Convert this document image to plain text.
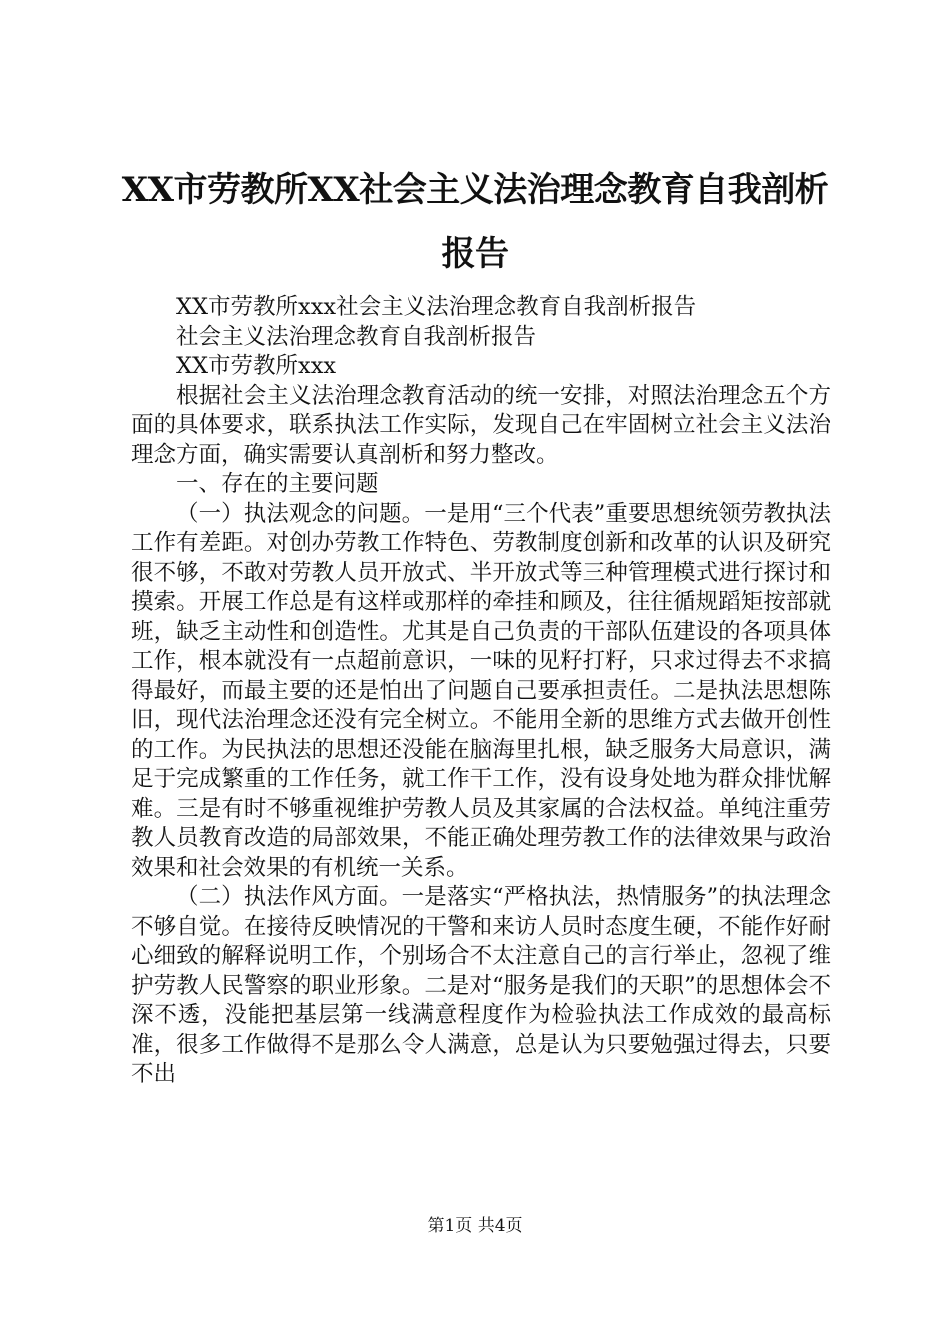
XX市劳教所XX社会主义法治理念教育自我剖析报告

XX市劳教所xxx社会主义法治理念教育自我剖析报告

社会主义法治理念教育自我剖析报告

XX市劳教所xxx

根据社会主义法治理念教育活动的统一安排，对照法治理念五个方面的具体要求，联系执法工作实际，发现自己在牢固树立社会主义法治理念方面，确实需要认真剖析和努力整改。

一、存在的主要问题

（一）执法观念的问题。一是用“三个代表”重要思想统领劳教执法工作有差距。对创办劳教工作特色、劳教制度创新和改革的认识及研究很不够，不敢对劳教人员开放式、半开放式等三种管理模式进行探讨和摸索。开展工作总是有这样或那样的牵挂和顾及，往往循规蹈矩按部就班，缺乏主动性和创造性。尤其是自己负责的干部队伍建设的各项具体工作，根本就没有一点超前意识，一味的见籽打籽，只求过得去不求搞得最好，而最主要的还是怕出了问题自己要承担责任。二是执法思想陈旧，现代法治理念还没有完全树立。不能用全新的思维方式去做开创性的工作。为民执法的思想还没能在脑海里扎根，缺乏服务大局意识，满足于完成繁重的工作任务，就工作干工作，没有设身处地为群众排忧解难。三是有时不够重视维护劳教人员及其家属的合法权益。单纯注重劳教人员教育改造的局部效果，不能正确处理劳教工作的法律效果与政治效果和社会效果的有机统一关系。

（二）执法作风方面。一是落实“严格执法，热情服务”的执法理念不够自觉。在接待反映情况的干警和来访人员时态度生硬，不能作好耐心细致的解释说明工作，个别场合不太注意自己的言行举止，忽视了维护劳教人民警察的职业形象。二是对“服务是我们的天职”的思想体会不深不透，没能把基层第一线满意程度作为检验执法工作成效的最高标准，很多工作做得不是那么令人满意，总是认为只要勉强过得去，只要不出

第1页 共4页
